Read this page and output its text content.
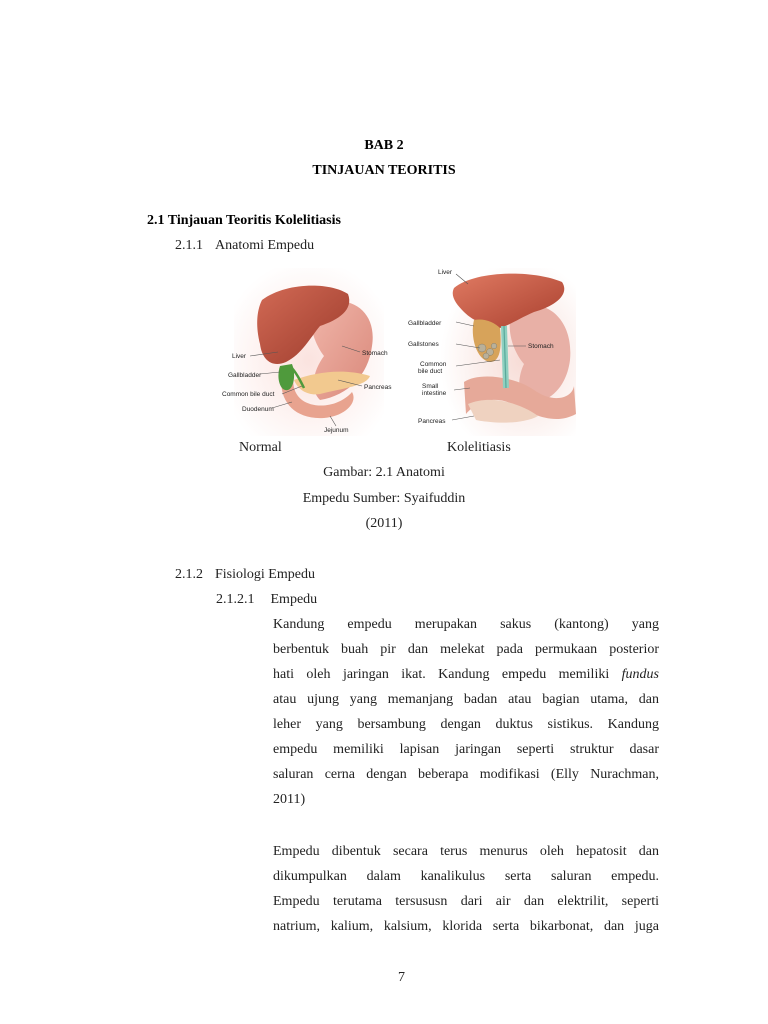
BAB 2
TINJAUAN TEORITIS
2.1 Tinjauan Teoritis Kolelitiasis
2.1.1 Anatomi Empedu
Liver
Gallbladder
Common bile duct
Duodenum
Stomach
Pancreas
Jejunum
Liver
Gallbladder
Gallstones
Common
bile duct
Stomach
Small
intestine
Pancreas
Normal	Kolelitiasis
Gambar: 2.1 Anatomi
Empedu Sumber: Syaifuddin
(2011)
2.1.2 Fisiologi Empedu
2.1.2.1 Empedu
Kandung empedu merupakan sakus (kantong) yang
berbentuk buah pir dan melekat pada permukaan posterior
hati oleh jaringan ikat. Kandung empedu memiliki fundus
atau ujung yang memanjang badan atau bagian utama, dan
leher yang bersambung dengan duktus sistikus. Kandung
empedu memiliki lapisan jaringan seperti struktur dasar
saluran cerna dengan beberapa modifikasi (Elly Nurachman,
2011)
Empedu dibentuk secara terus menurus oleh hepatosit dan
dikumpulkan dalam kanalikulus serta saluran empedu.
Empedu terutama tersususn dari air dan elektrilit, seperti
natrium, kalium, kalsium, klorida serta bikarbonat, dan juga
7
